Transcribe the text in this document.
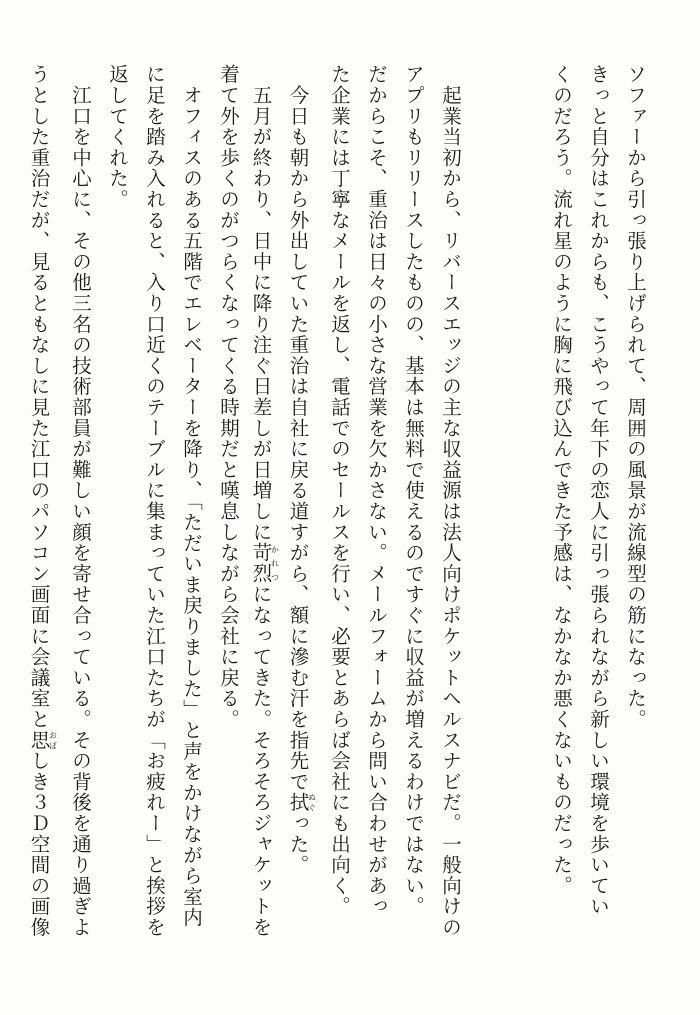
ソファーから引っ張り上げられて、周囲の風景が流線型の筋になった。
きっと自分はこれからも、こうやって年下の恋人に引っ張られながら新しい環境を歩いてい
くのだろう。流れ星のように胸に飛び込んできた予感は、なかなか悪くないものだった。
　起業当初から、リバースエッジの主な収益源は法人向けポケットヘルスナビだ。一般向けの
アプリもリリースしたものの、基本は無料で使えるのですぐに収益が増えるわけではない。
だからこそ、重治は日々の小さな営業を欠かさない。メールフォームから問い合わせがあっ
た企業には丁寧なメールを返し、電話でのセールスを行い、必要とあらば会社にも出向く。
　今日も朝から外出していた重治は自社に戻る道すがら、額に滲む汗を指先で拭ぬぐった。
　五月が終わり、日中に降り注ぐ日差しが日増しに苛烈かれつになってきた。そろそろジャケットを
着て外を歩くのがつらくなってくる時期だと嘆息しながら会社に戻る。
　オフィスのある五階でエレベーターを降り、「ただいま戻りました」と声をかけながら室内
に足を踏み入れると、入り口近くのテーブルに集まっていた江口たちが「お疲れー」と挨拶を
返してくれた。
　江口を中心に、その他三名の技術部員が難しい顔を寄せ合っている。その背後を通り過ぎよ
うとした重治だが、見るともなしに見た江口のパソコン画面に会議室と思おぼしき３Ｄ空間の画像
